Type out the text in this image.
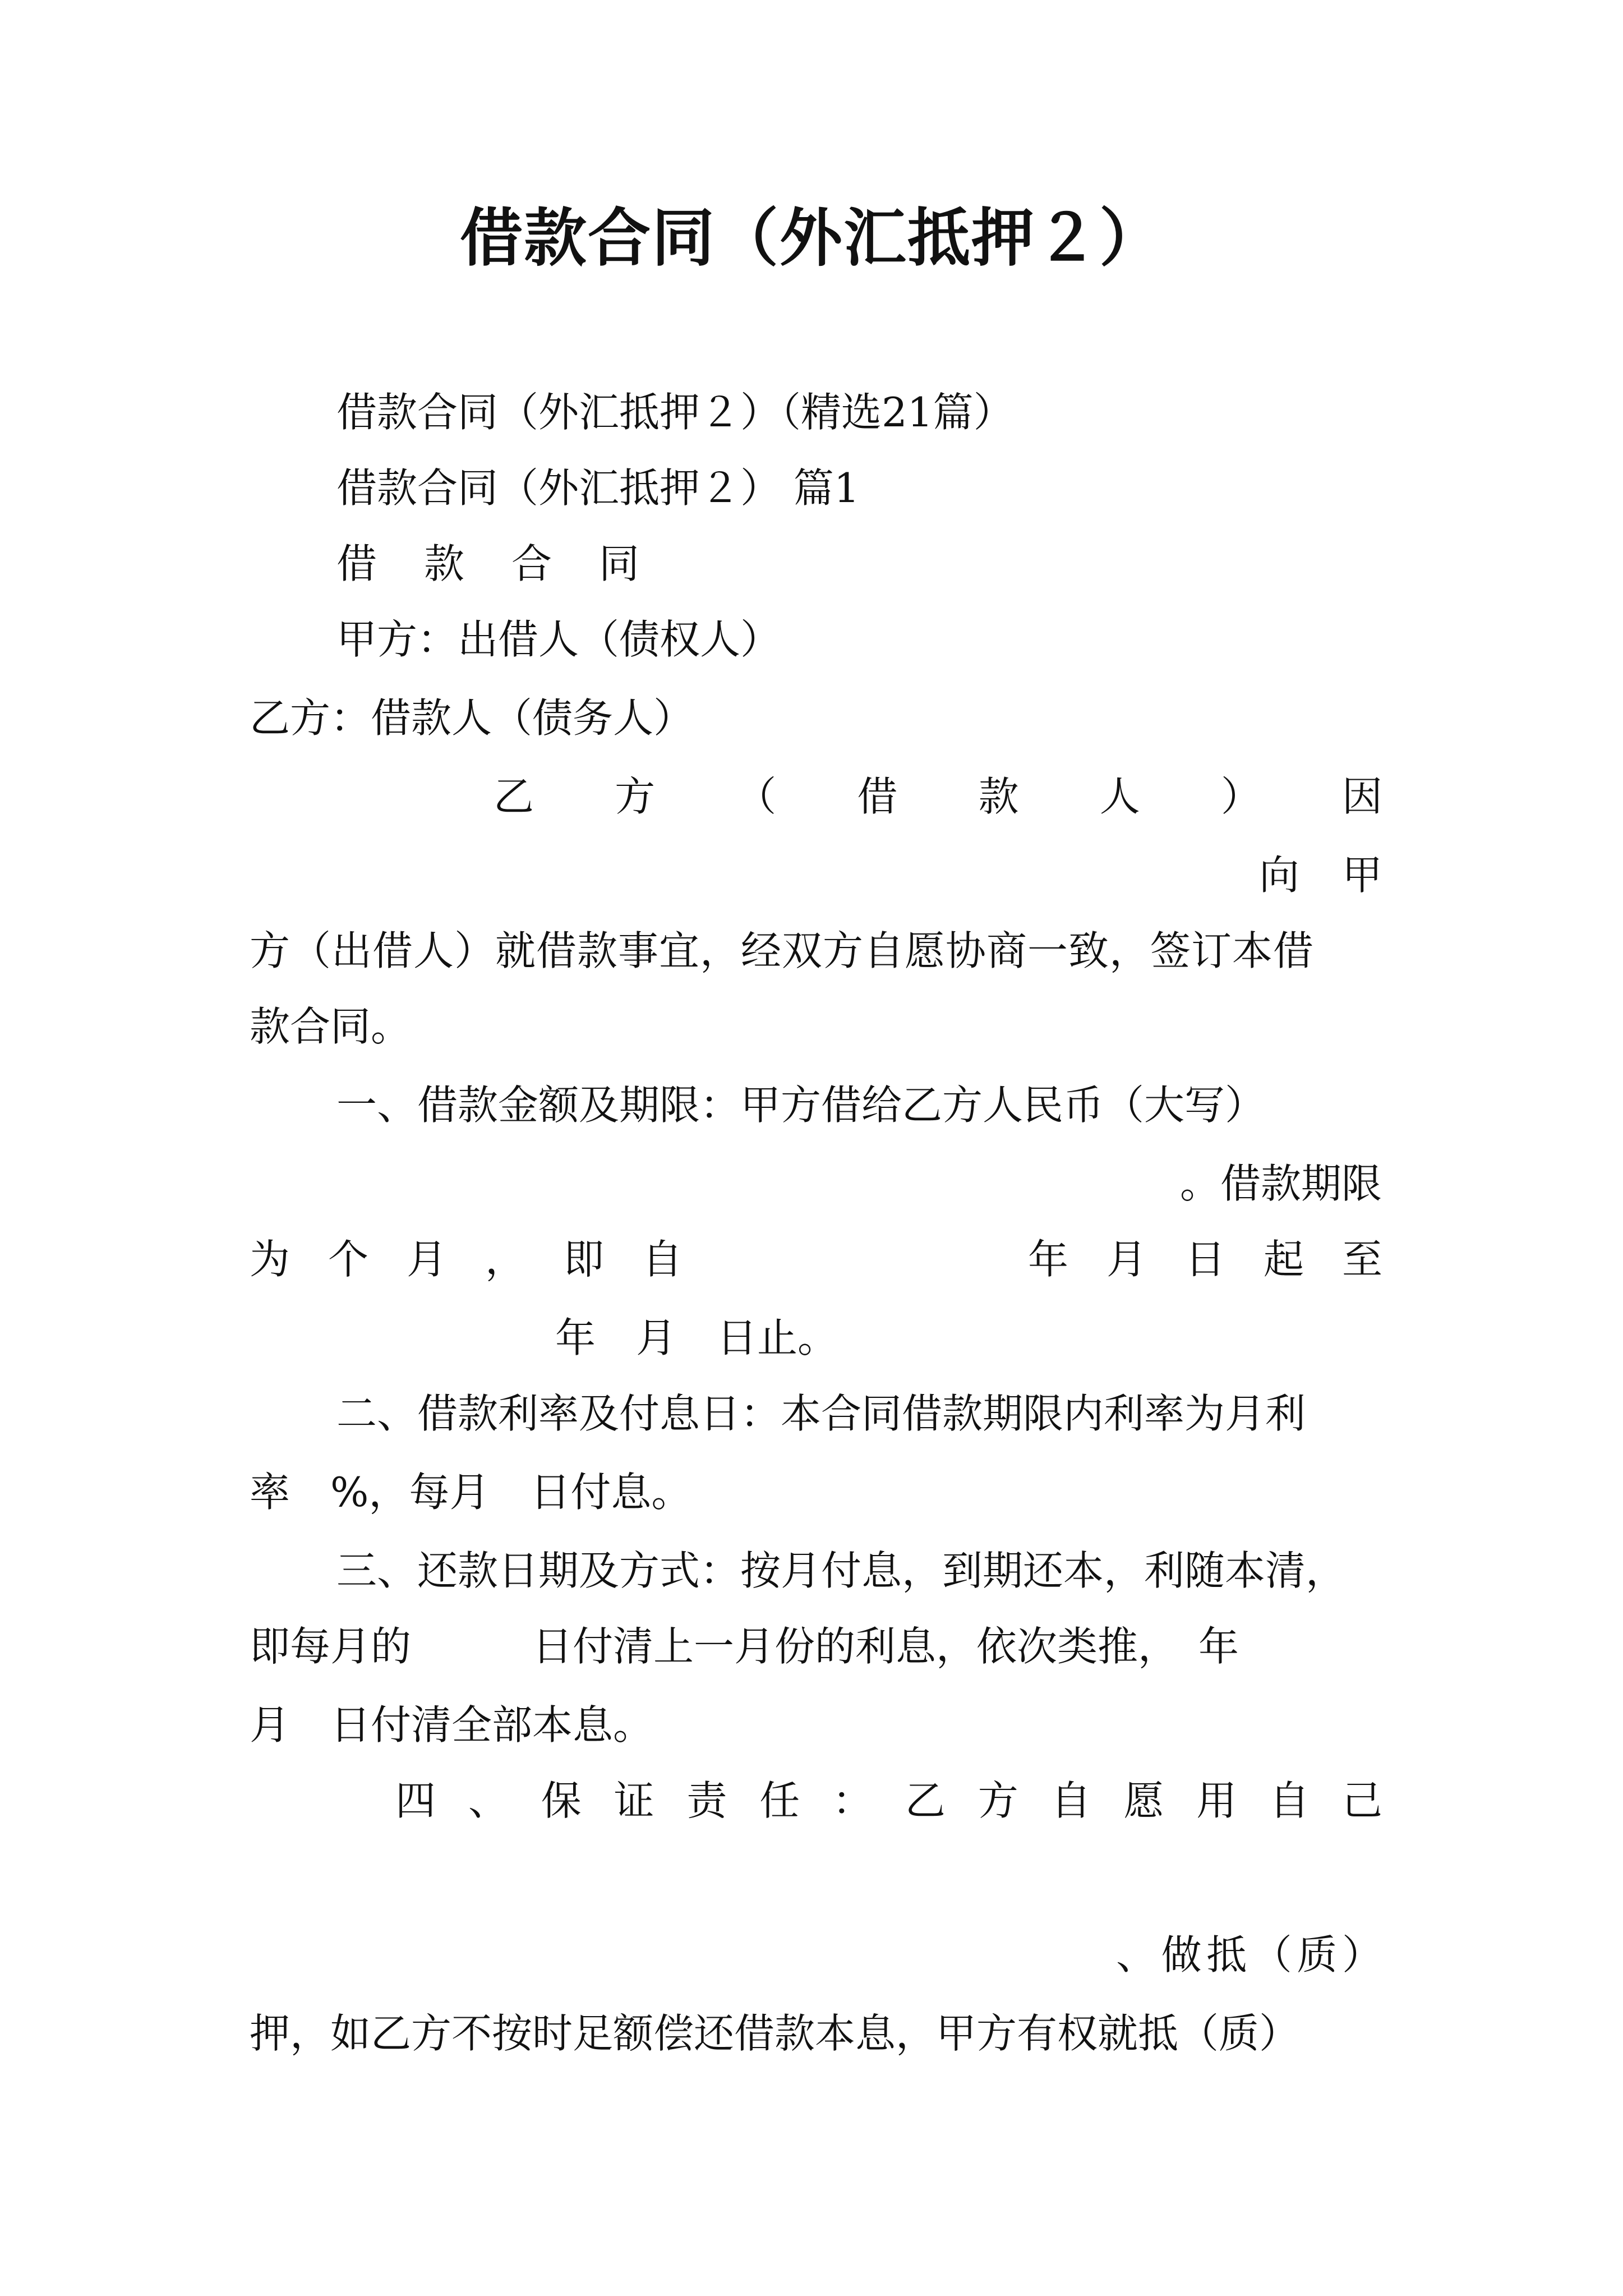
借款合同（外汇抵押２）
借款合同（外汇抵押２）（精选21篇）
借款合同（外汇抵押２） 篇1
借 款 合 同
甲方：出借人（债权人）
乙方：借款人（债务人）
乙 方 （ 借 款 人 ） 因
向 甲
方（出借人）就借款事宜，经双方自愿协商一致，签订本借
款合同。
一、借款金额及期限：甲方借给乙方人民币（大写）
。借款期限
为 个 月 ， 即 自	年 月 日 起 至
年　月　日止。
二、借款利率及付息日：本合同借款期限内利率为月利
率　%，每月　日付息。
三、还款日期及方式：按月付息，到期还本，利随本清，
即每月的　　　日付清上一月份的利息，依次类推，　年
月　日付清全部本息。
四 、 保 证 责 任 ： 乙 方 自 愿 用 自 己
、 做 抵 （ 质 ）
押，如乙方不按时足额偿还借款本息，甲方有权就抵（质）
